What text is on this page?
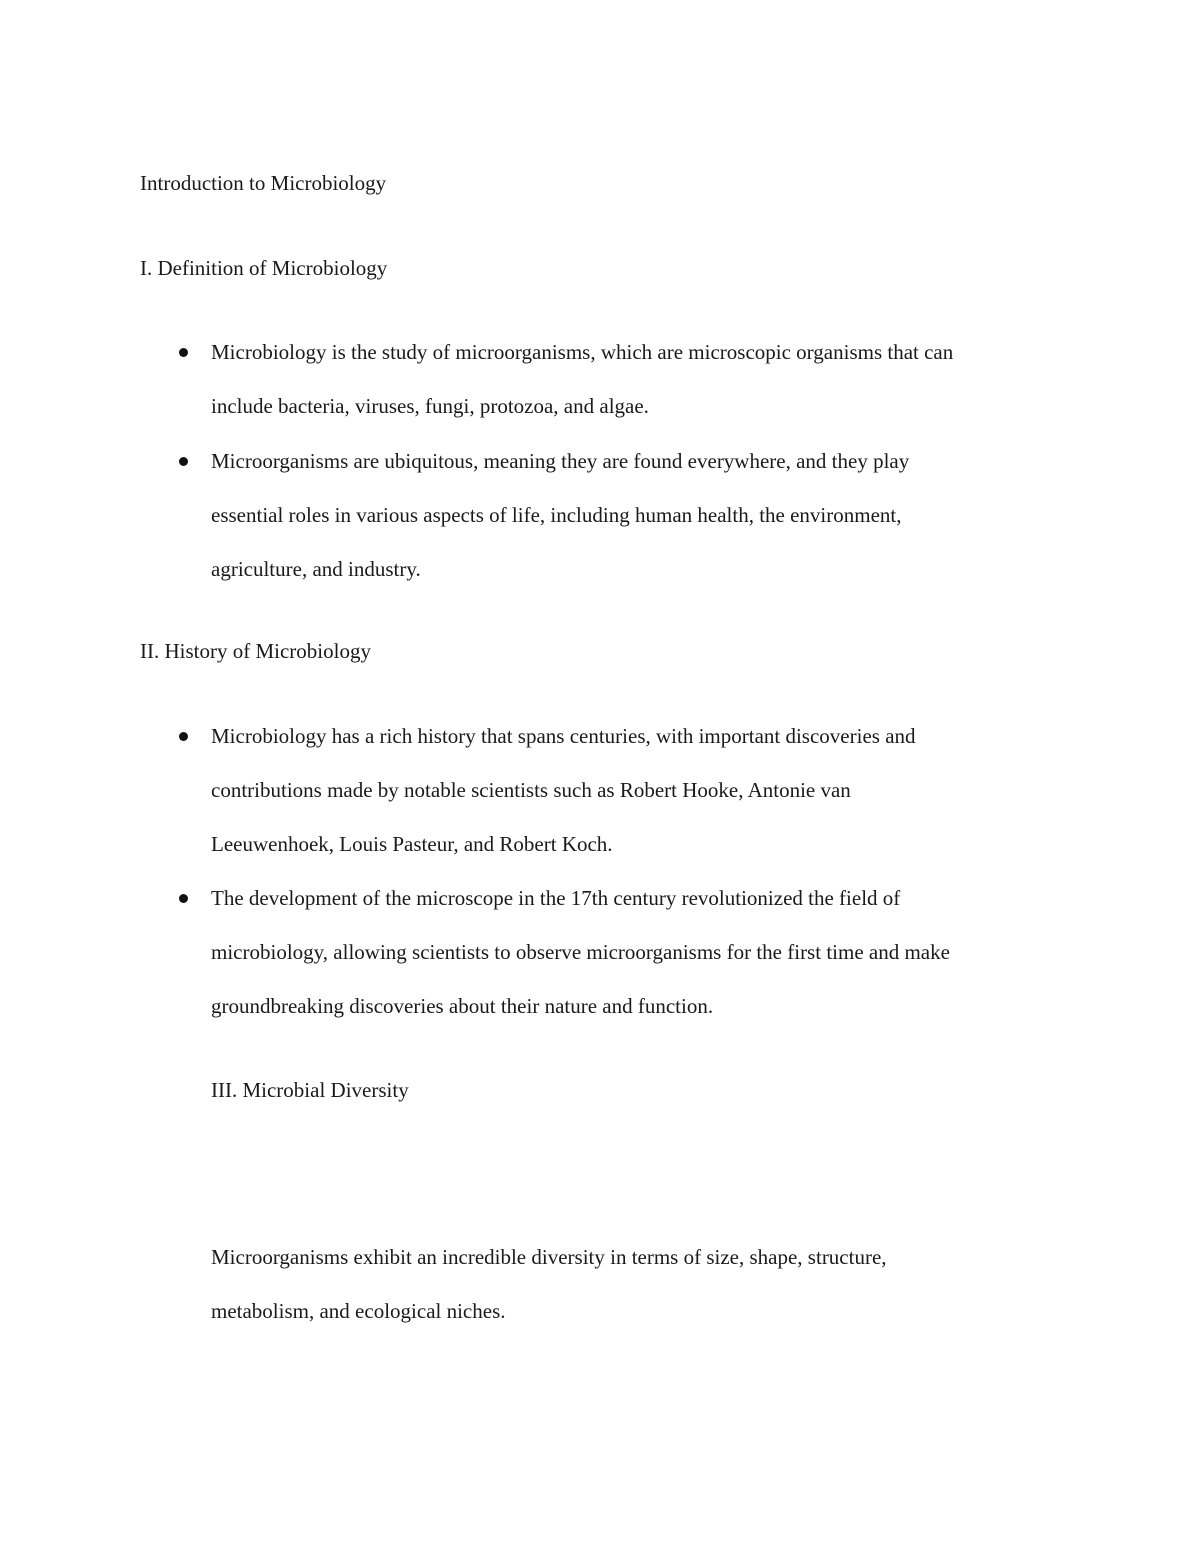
Introduction to Microbiology
I. Definition of Microbiology
Microbiology is the study of microorganisms, which are microscopic organisms that can
include bacteria, viruses, fungi, protozoa, and algae.
Microorganisms are ubiquitous, meaning they are found everywhere, and they play
essential roles in various aspects of life, including human health, the environment,
agriculture, and industry.
II. History of Microbiology
Microbiology has a rich history that spans centuries, with important discoveries and
contributions made by notable scientists such as Robert Hooke, Antonie van
Leeuwenhoek, Louis Pasteur, and Robert Koch.
The development of the microscope in the 17th century revolutionized the field of
microbiology, allowing scientists to observe microorganisms for the first time and make
groundbreaking discoveries about their nature and function.
III. Microbial Diversity
Microorganisms exhibit an incredible diversity in terms of size, shape, structure,
metabolism, and ecological niches.
